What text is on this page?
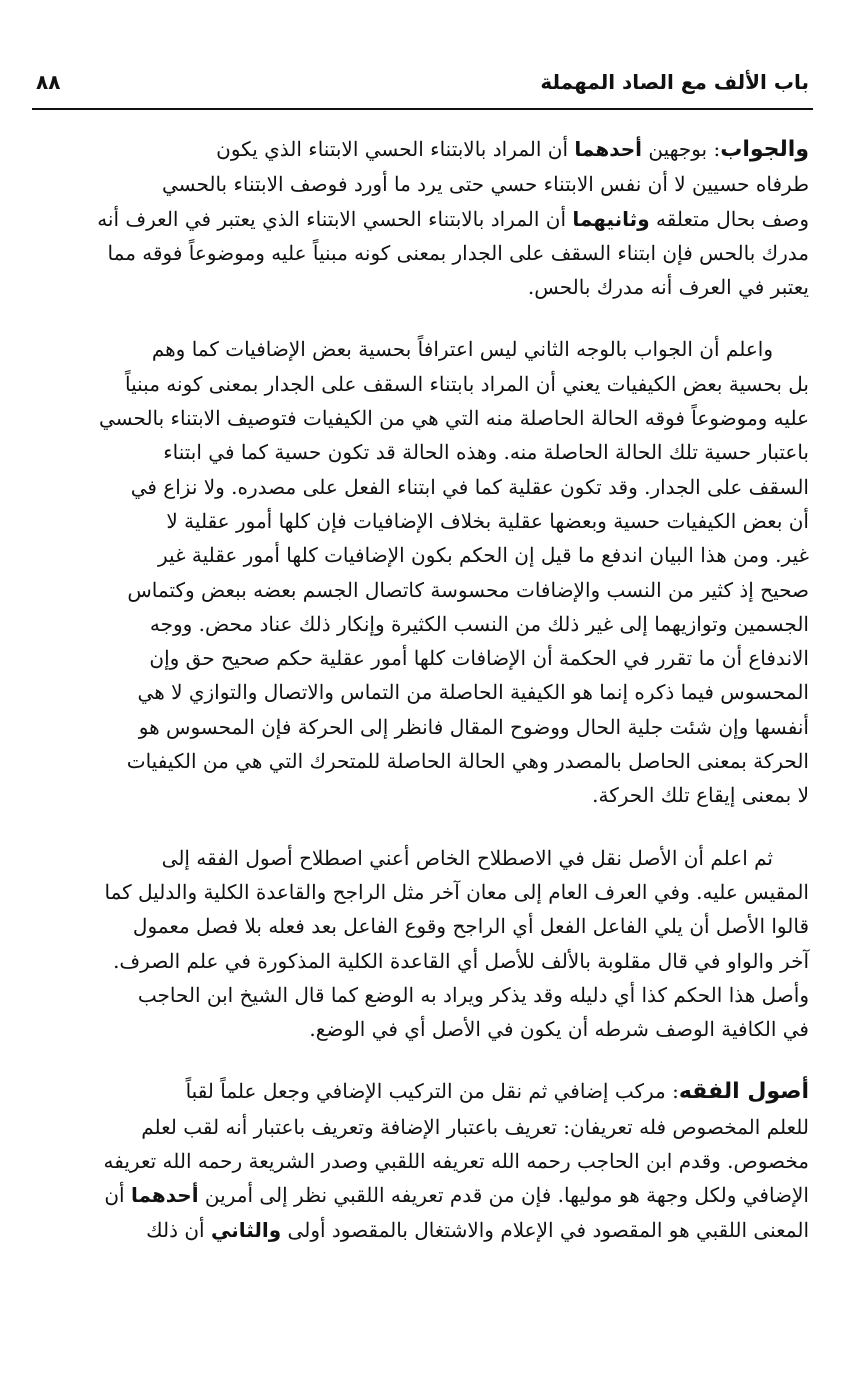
٨٨	باب الألف مع الصاد المهملة

والجواب: بوجهين أحدهما أن المراد بالابتناء الحسي الابتناء الذي يكون
طرفاه حسيين لا أن نفس الابتناء حسي حتى يرد ما أورد فوصف الابتناء بالحسي
وصف بحال متعلقه وثانيهما أن المراد بالابتناء الحسي الابتناء الذي يعتبر في العرف أنه
مدرك بالحس فإن ابتناء السقف على الجدار بمعنى كونه مبنياً عليه وموضوعاً فوقه مما
يعتبر في العرف أنه مدرك بالحس.

واعلم أن الجواب بالوجه الثاني ليس اعترافاً بحسية بعض الإضافيات كما وهم
بل بحسية بعض الكيفيات يعني أن المراد بابتناء السقف على الجدار بمعنى كونه مبنياً
عليه وموضوعاً فوقه الحالة الحاصلة منه التي هي من الكيفيات فتوصيف الابتناء بالحسي
باعتبار حسية تلك الحالة الحاصلة منه. وهذه الحالة قد تكون حسية كما في ابتناء
السقف على الجدار. وقد تكون عقلية كما في ابتناء الفعل على مصدره. ولا نزاع في
أن بعض الكيفيات حسية وبعضها عقلية بخلاف الإضافيات فإن كلها أمور عقلية لا
غير. ومن هذا البيان اندفع ما قيل إن الحكم بكون الإضافيات كلها أمور عقلية غير
صحيح إذ كثير من النسب والإضافات محسوسة كاتصال الجسم بعضه ببعض وكتماس
الجسمين وتوازيهما إلى غير ذلك من النسب الكثيرة وإنكار ذلك عناد محض. ووجه
الاندفاع أن ما تقرر في الحكمة أن الإضافات كلها أمور عقلية حكم صحيح حق وإن
المحسوس فيما ذكره إنما هو الكيفية الحاصلة من التماس والاتصال والتوازي لا هي
أنفسها وإن شئت جلية الحال ووضوح المقال فانظر إلى الحركة فإن المحسوس هو
الحركة بمعنى الحاصل بالمصدر وهي الحالة الحاصلة للمتحرك التي هي من الكيفيات
لا بمعنى إيقاع تلك الحركة.

ثم اعلم أن الأصل نقل في الاصطلاح الخاص أعني اصطلاح أصول الفقه إلى
المقيس عليه. وفي العرف العام إلى معان آخر مثل الراجح والقاعدة الكلية والدليل كما
قالوا الأصل أن يلي الفاعل الفعل أي الراجح وقوع الفاعل بعد فعله بلا فصل معمول
آخر والواو في قال مقلوبة بالألف للأصل أي القاعدة الكلية المذكورة في علم الصرف.
وأصل هذا الحكم كذا أي دليله وقد يذكر ويراد به الوضع كما قال الشيخ ابن الحاجب
في الكافية الوصف شرطه أن يكون في الأصل أي في الوضع.

أصول الفقه: مركب إضافي ثم نقل من التركيب الإضافي وجعل علماً لقباً
للعلم المخصوص فله تعريفان: تعريف باعتبار الإضافة وتعريف باعتبار أنه لقب لعلم
مخصوص. وقدم ابن الحاجب رحمه الله تعريفه اللقبي وصدر الشريعة رحمه الله تعريفه
الإضافي ولكل وجهة هو موليها. فإن من قدم تعريفه اللقبي نظر إلى أمرين أحدهما أن
المعنى اللقبي هو المقصود في الإعلام والاشتغال بالمقصود أولى والثاني أن ذلك
